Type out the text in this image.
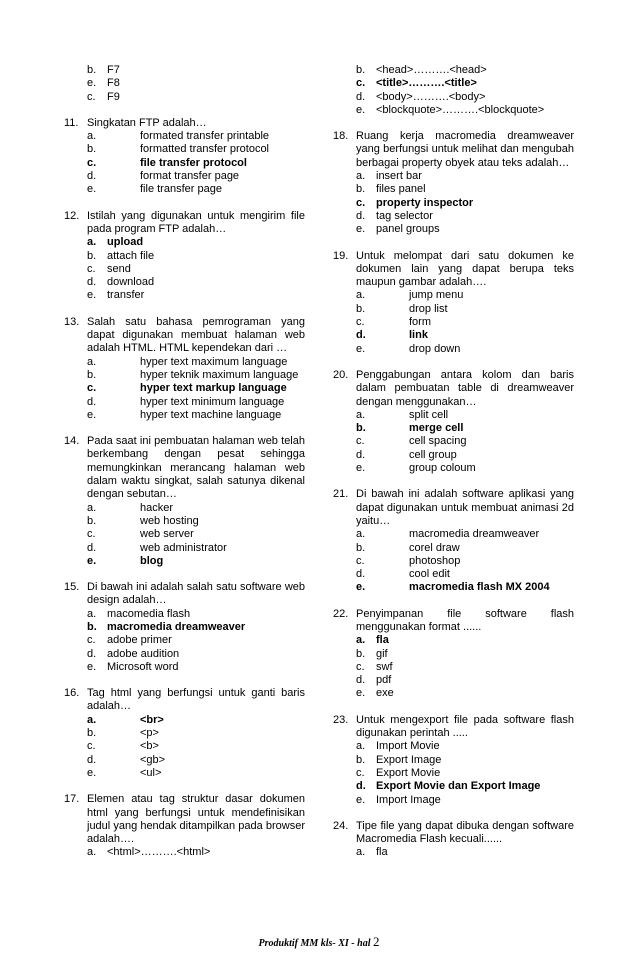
b. F7
e. F8
c.	F9
11. Singkatan FTP adalah…
a.	formated transfer printable
b.	formatted transfer protocol
c.	file transfer protocol
d.	format transfer page
e.	file transfer page
12. Istilah yang digunakan untuk mengirim file pada program FTP adalah…
a. upload
b. attach file
c.	send
d. download
e. transfer
13. Salah satu bahasa pemrograman yang dapat digunakan membuat halaman web adalah HTML. HTML kependekan dari …
a.	hyper text maximum language
b.	hyper teknik maximum language
c.	hyper text markup language
d.	hyper text minimum language
e.	hyper text machine language
14. Pada saat ini pembuatan halaman web telah berkembang dengan pesat sehingga memungkinkan merancang halaman web dalam waktu singkat, salah satunya dikenal dengan sebutan…
a.	hacker
b.	web hosting
c.	web server
d.	web administrator
e.	blog
15. Di bawah ini adalah salah satu software web design adalah…
a. macomedia flash
b. macromedia dreamweaver
c.	adobe primer
d. adobe audition
e. Microsoft word
16. Tag html yang berfungsi untuk ganti baris adalah…
a.	<br>
b.	<p>
c.	<b>
d.	<gb>
e.	<ul>
17. Elemen atau tag struktur dasar dokumen html yang berfungsi untuk mendefinisikan judul yang hendak ditampilkan pada browser adalah….
a. <html>……….<html>
b. <head>……….<head>
c. <title>……….<title>
d. <body>……….<body>
e. <blockquote>……….<blockquote>
18. Ruang kerja macromedia dreamweaver yang berfungsi untuk melihat dan mengubah berbagai property obyek atau teks adalah…
a. insert bar
b. files panel
c. property inspector
d. tag selector
e. panel groups
19. Untuk melompat dari satu dokumen ke dokumen lain yang dapat berupa teks maupun gambar adalah….
a.	jump menu
b.	drop list
c.	form
d.	link
e.	drop down
20. Penggabungan antara kolom dan baris dalam pembuatan table di dreamweaver dengan menggunakan…
a.	split cell
b.	merge cell
c.	cell spacing
d.	cell group
e.	group coloum
21. Di bawah ini adalah software aplikasi yang dapat digunakan untuk membuat animasi 2d yaitu…
a.	macromedia dreamweaver
b.	corel draw
c.	photoshop
d.	cool edit
e.	macromedia flash MX 2004
22. Penyimpanan file software flash menggunakan format ......
a. fla
b. gif
c.	swf
d. pdf
e. exe
23. Untuk mengexport file pada software flash digunakan perintah .....
a. Import Movie
b. Export Image
c.	Export Movie
d. Export Movie dan Export Image
e. Import Image
24. Tipe file yang dapat dibuka dengan software Macromedia Flash kecuali......
a. fla
Produktif MM kls- XI - hal 2
